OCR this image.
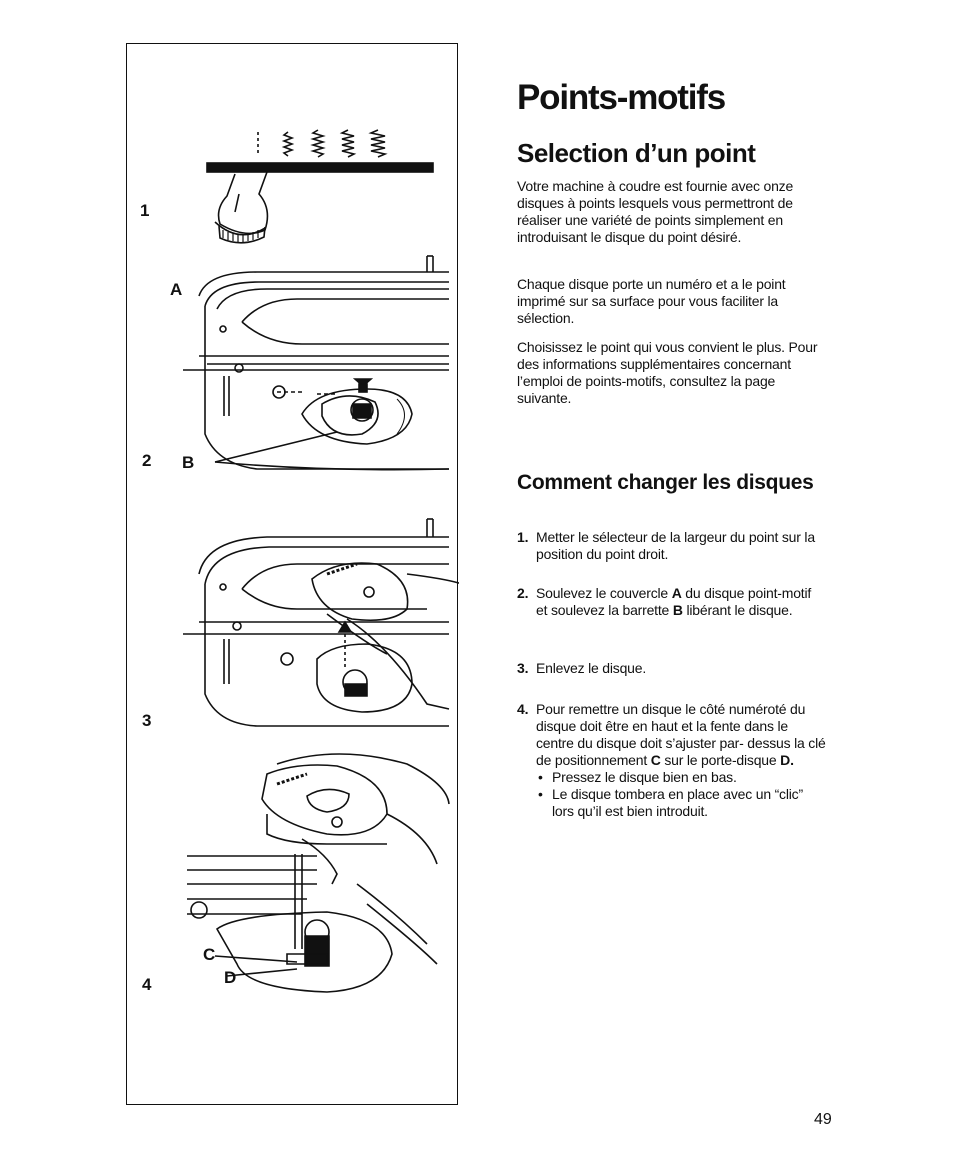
1
2
3
4
A
B
C
D
Points-motifs
Selection d’un point

Votre machine à coudre est fournie avec onze disques à points lesquels vous permettront de réaliser une variété de points simplement en introduisant le disque du point désiré.

Chaque disque porte un numéro et a le point imprimé sur sa surface pour vous faciliter la sélection.

Choisissez le point qui vous convient le plus. Pour des informations supplémentaires concernant l’emploi de points-motifs, consultez la page suivante.

Comment changer les disques
1. Metter le sélecteur de la largeur du point sur la position du point droit.
2. Soulevez le couvercle A du disque point-motif et soulevez la barrette B libérant le disque.
3. Enlevez le disque.
4. Pour remettre un disque le côté numéroté du disque doit être en haut et la fente dans le centre du disque doit s’ajuster par- dessus la clé de positionnement C sur le porte-disque D.
• Pressez le disque bien en bas.
• Le disque tombera en place avec un “clic” lors qu’il est bien introduit.
49
